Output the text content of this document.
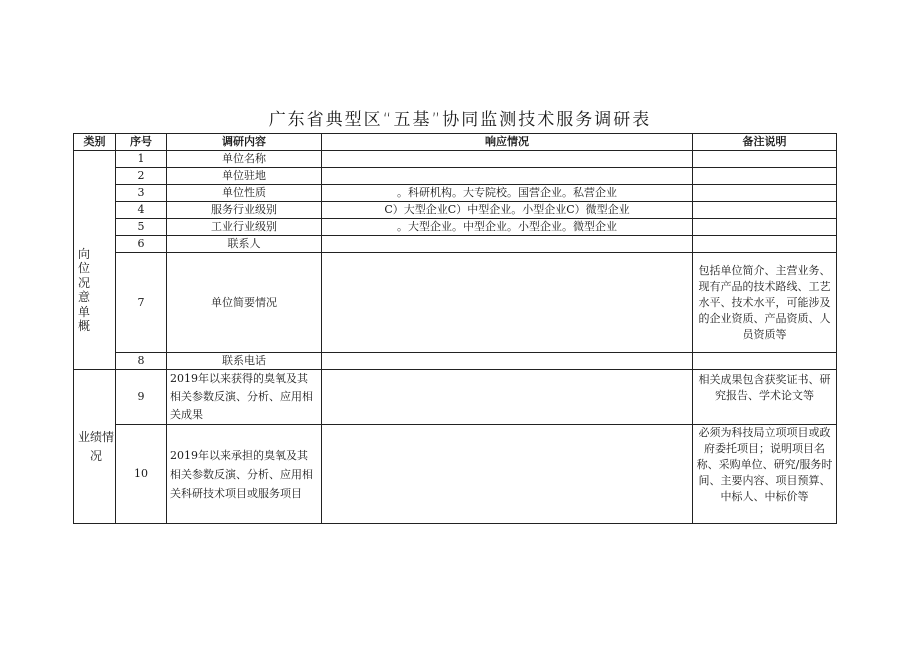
广东省典型区“五基”协同监测技术服务调研表
类别	序号	调研内容	响应情况	备注说明

向位况意单概	1	单位名称		
	2	单位驻地		
	3	单位性质	。科研机构。大专院校。国营企业。私营企业	
	4	服务行业级别	C）大型企业C）中型企业。小型企业C）微型企业	
	5	工业行业级别	。大型企业。中型企业。小型企业。微型企业	
	6	联系人		
	7	单位简要情况		包括单位简介、主营业务、现有产品的技术路线、工艺水平、技术水平，可能涉及的企业资质、产品资质、人员资质等
	8	联系电话		

业绩情况	9	2019年以来获得的臭氧及其相关参数反演、分析、应用相关成果		相关成果包含获奖证书、研究报告、学术论文等
	10	2019年以来承担的臭氧及其相关参数反演、分析、应用相关科研技术项目或服务项目		必须为科技局立项项目或政府委托项目；说明项目名称、采购单位、研究/服务时间、主要内容、项目预算、中标人、中标价等
